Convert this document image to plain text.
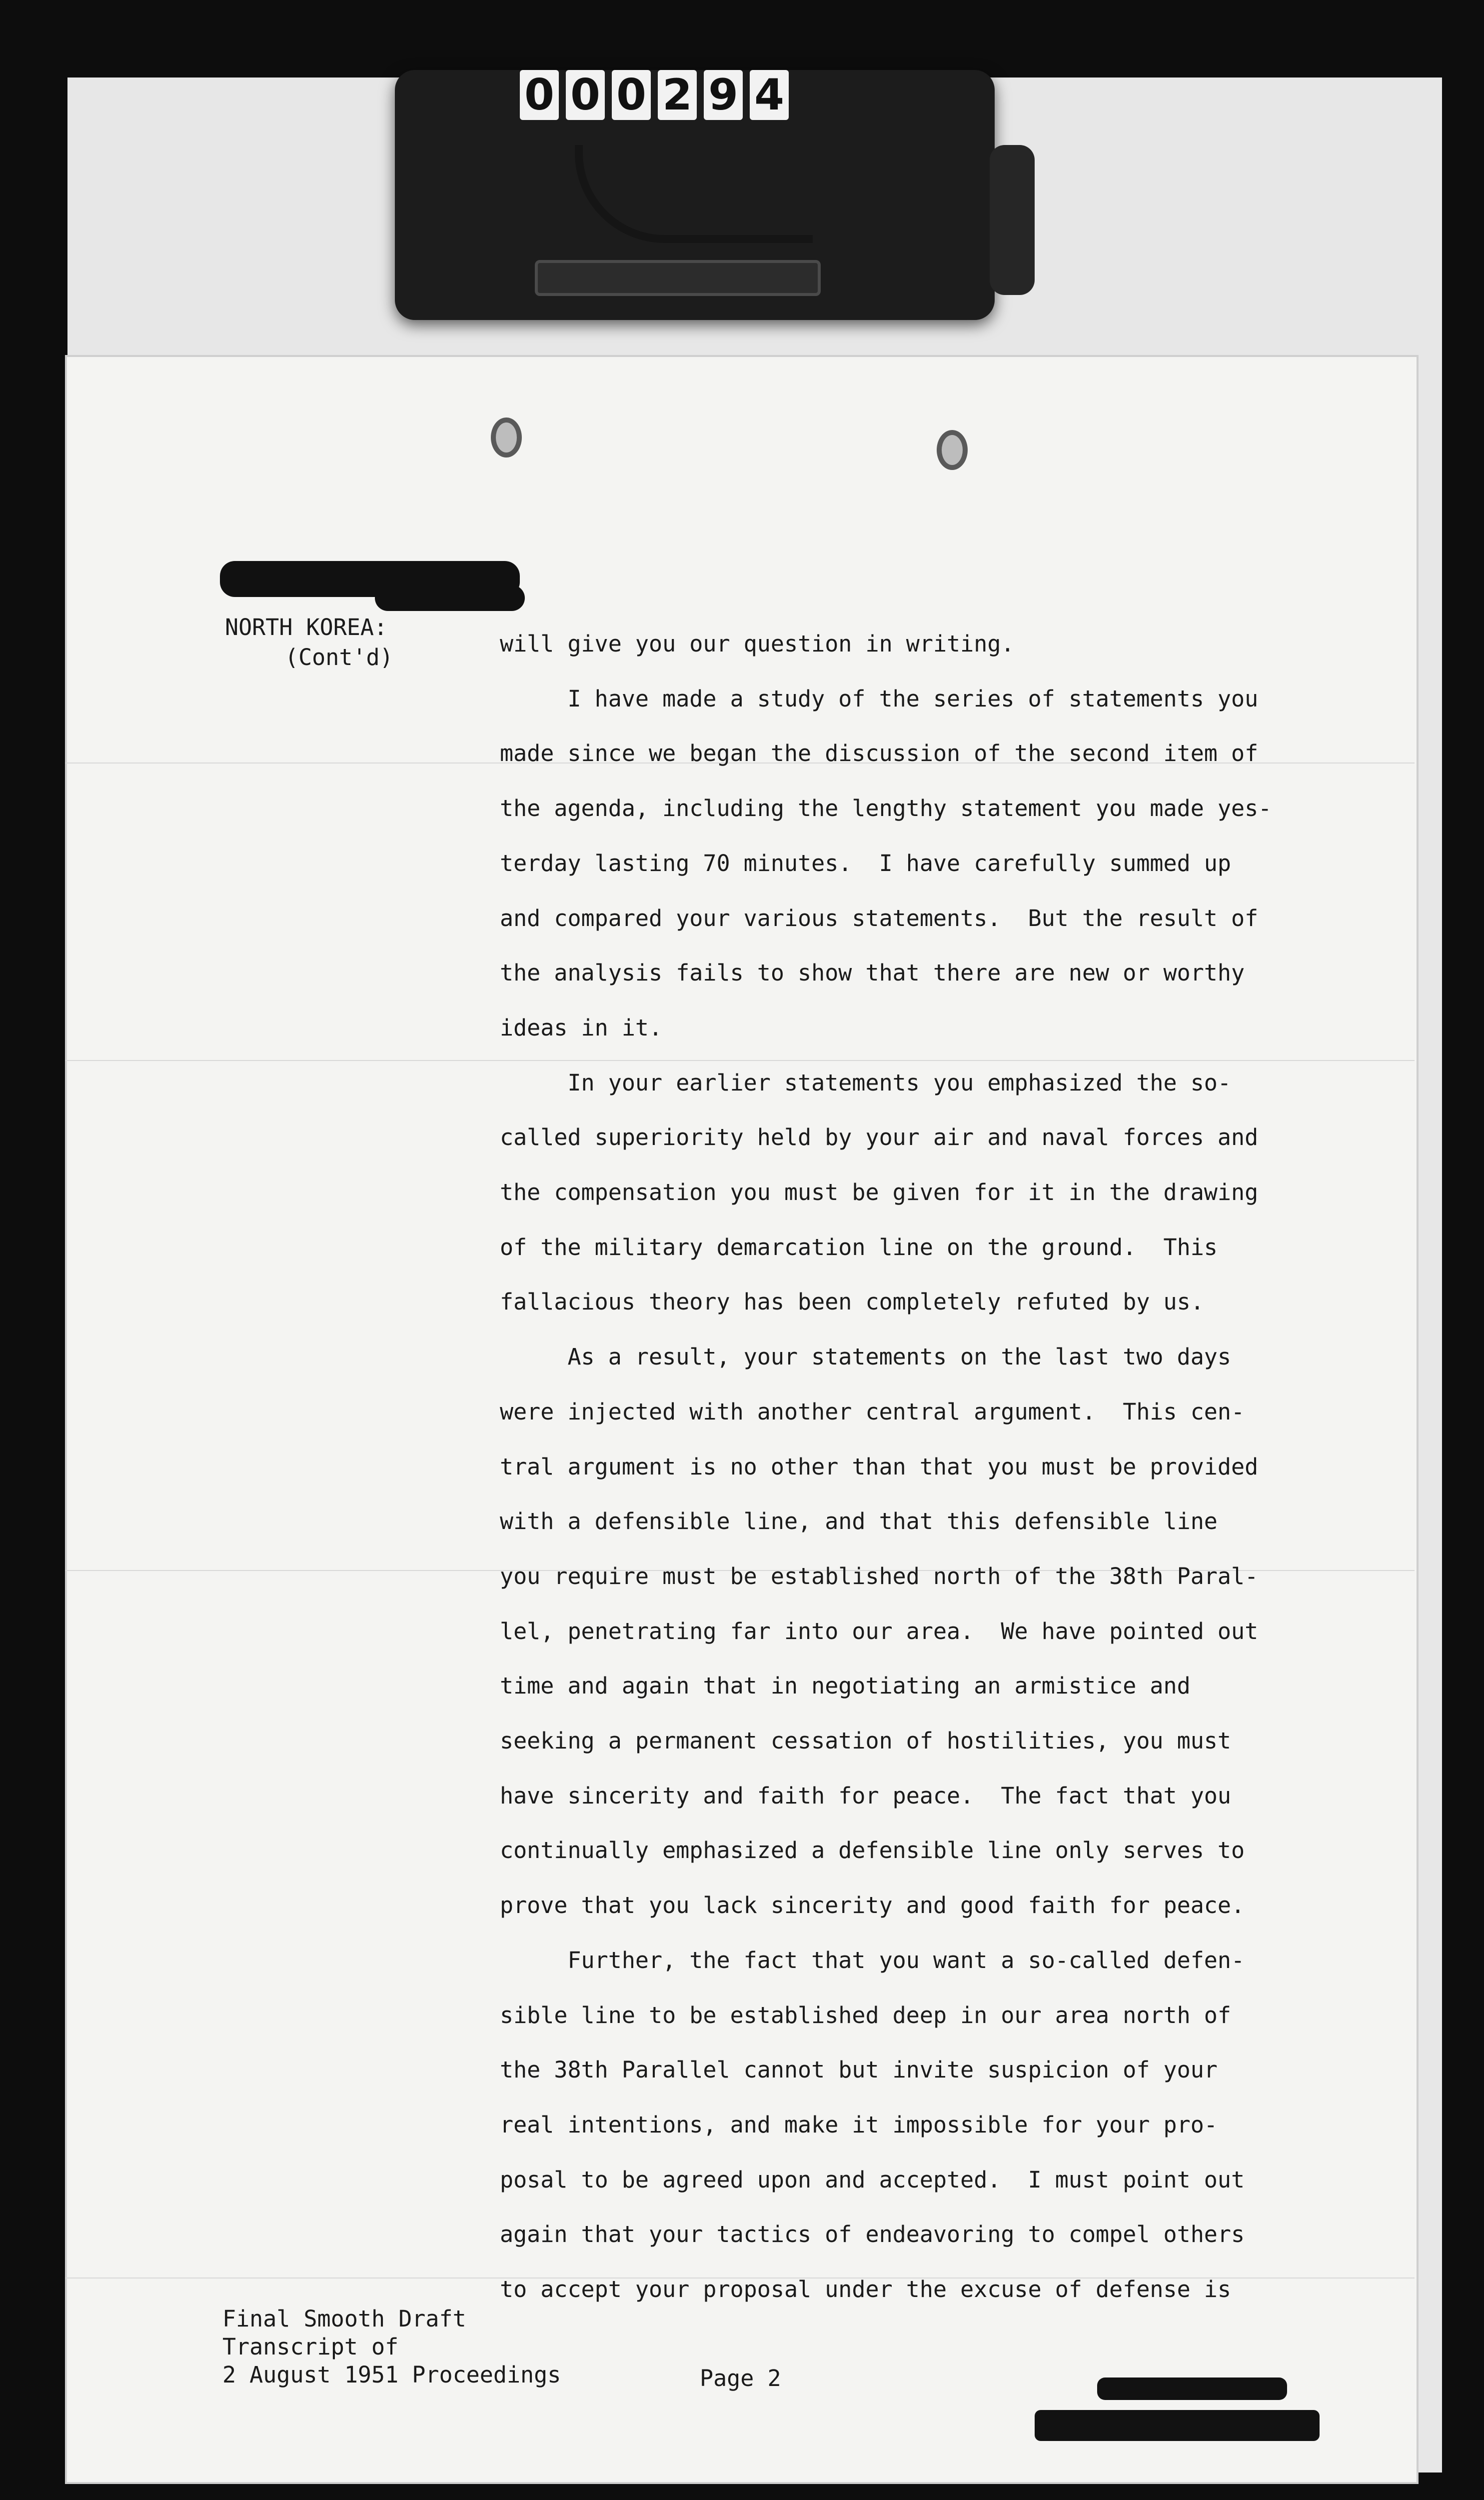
0 0 0 2 9 4
NORTH KOREA:
(Cont'd)
will give you our question in writing.
I have made a study of the series of statements you
made since we began the discussion of the second item of
the agenda, including the lengthy statement you made yes-
terday lasting 70 minutes.  I have carefully summed up
and compared your various statements.  But the result of
the analysis fails to show that there are new or worthy
ideas in it.
In your earlier statements you emphasized the so-
called superiority held by your air and naval forces and
the compensation you must be given for it in the drawing
of the military demarcation line on the ground.  This
fallacious theory has been completely refuted by us.
As a result, your statements on the last two days
were injected with another central argument.  This cen-
tral argument is no other than that you must be provided
with a defensible line, and that this defensible line
you require must be established north of the 38th Paral-
lel, penetrating far into our area.  We have pointed out
time and again that in negotiating an armistice and
seeking a permanent cessation of hostilities, you must
have sincerity and faith for peace.  The fact that you
continually emphasized a defensible line only serves to
prove that you lack sincerity and good faith for peace.
Further, the fact that you want a so-called defen-
sible line to be established deep in our area north of
the 38th Parallel cannot but invite suspicion of your
real intentions, and make it impossible for your pro-
posal to be agreed upon and accepted.  I must point out
again that your tactics of endeavoring to compel others
to accept your proposal under the excuse of defense is
Final Smooth Draft
Transcript of
2 August 1951 Proceedings	Page 2
